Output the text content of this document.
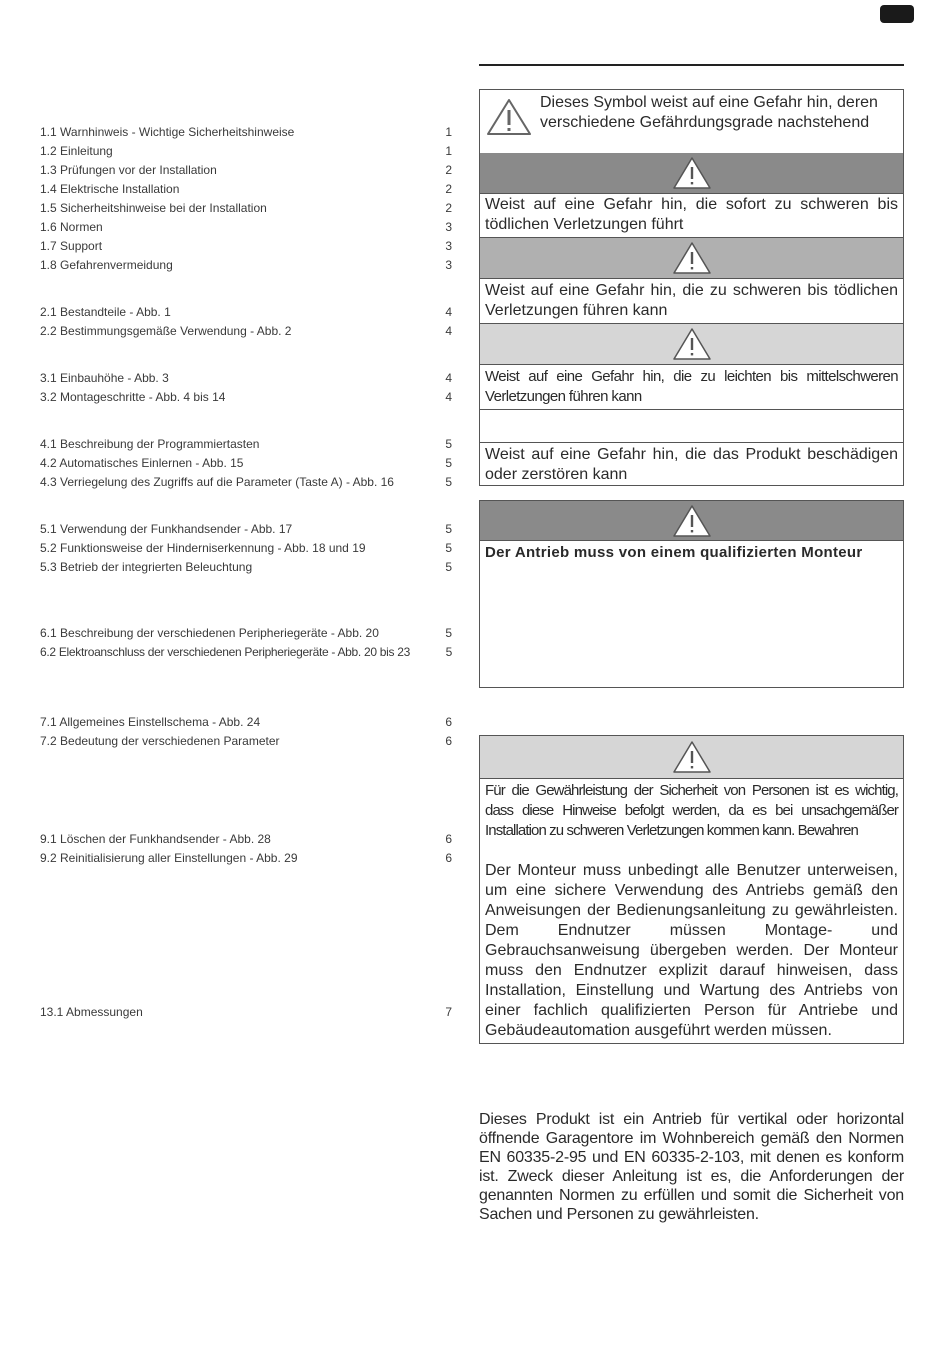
1.1 Warnhinweis - Wichtige Sicherheitshinweise	1
1.2 Einleitung	1
1.3 Prüfungen vor der Installation	2
1.4 Elektrische Installation	2
1.5 Sicherheitshinweise bei der Installation	2
1.6 Normen	3
1.7 Support	3
1.8 Gefahrenvermeidung	3
2.1 Bestandteile - Abb. 1	4
2.2 Bestimmungsgemäße Verwendung - Abb. 2	4
3.1 Einbauhöhe - Abb. 3	4
3.2 Montageschritte - Abb. 4 bis 14	4
4.1 Beschreibung der Programmiertasten	5
4.2 Automatisches Einlernen - Abb. 15	5
4.3 Verriegelung des Zugriffs auf die Parameter (Taste A) - Abb. 16	5
5.1 Verwendung der Funkhandsender - Abb. 17	5
5.2 Funktionsweise der Hinderniserkennung - Abb. 18 und 19	5
5.3 Betrieb der integrierten Beleuchtung	5
6.1 Beschreibung der verschiedenen Peripheriegeräte - Abb. 20	5
6.2 Elektroanschluss der verschiedenen Peripheriegeräte - Abb. 20 bis 23	5
7.1 Allgemeines Einstellschema - Abb. 24	6
7.2 Bedeutung der verschiedenen Parameter	6
9.1 Löschen der Funkhandsender - Abb. 28	6
9.2 Reinitialisierung aller Einstellungen - Abb. 29	6
13.1 Abmessungen	7
Dieses Symbol weist auf eine Gefahr hin, deren verschiedene Gefährdungsgrade nachstehend
Weist auf eine Gefahr hin, die sofort zu schweren bis tödlichen Verletzungen führt
Weist auf eine Gefahr hin, die zu schweren bis tödlichen Verletzungen führen kann
Weist auf eine Gefahr hin, die zu leichten bis mittelschweren Verletzungen führen kann
Weist auf eine Gefahr hin, die das Produkt beschädigen oder zerstören kann
Der Antrieb muss von einem qualifizierten Monteur
Für die Gewährleistung der Sicherheit von Personen ist es wichtig, dass diese Hinweise befolgt werden, da es bei unsachgemäßer Installation zu schweren Verletzungen kommen kann. Bewahren
Der Monteur muss unbedingt alle Benutzer unterweisen, um eine sichere Verwendung des Antriebs gemäß den Anweisungen der Bedienungsanleitung zu gewährleisten. Dem Endnutzer müssen Montage- und Gebrauchsanweisung übergeben werden. Der Monteur muss den Endnutzer explizit darauf hinweisen, dass Installation, Einstellung und Wartung des Antriebs von einer fachlich qualifizierten Person für Antriebe und Gebäudeautomation ausgeführt werden müssen.
Dieses Produkt ist ein Antrieb für vertikal oder horizontal öffnende Garagentore im Wohnbereich gemäß den Normen EN 60335-2-95 und EN 60335-2-103, mit denen es konform ist. Zweck dieser Anleitung ist es, die Anforderungen der genannten Normen zu erfüllen und somit die Sicherheit von Sachen und Personen zu gewährleisten.
